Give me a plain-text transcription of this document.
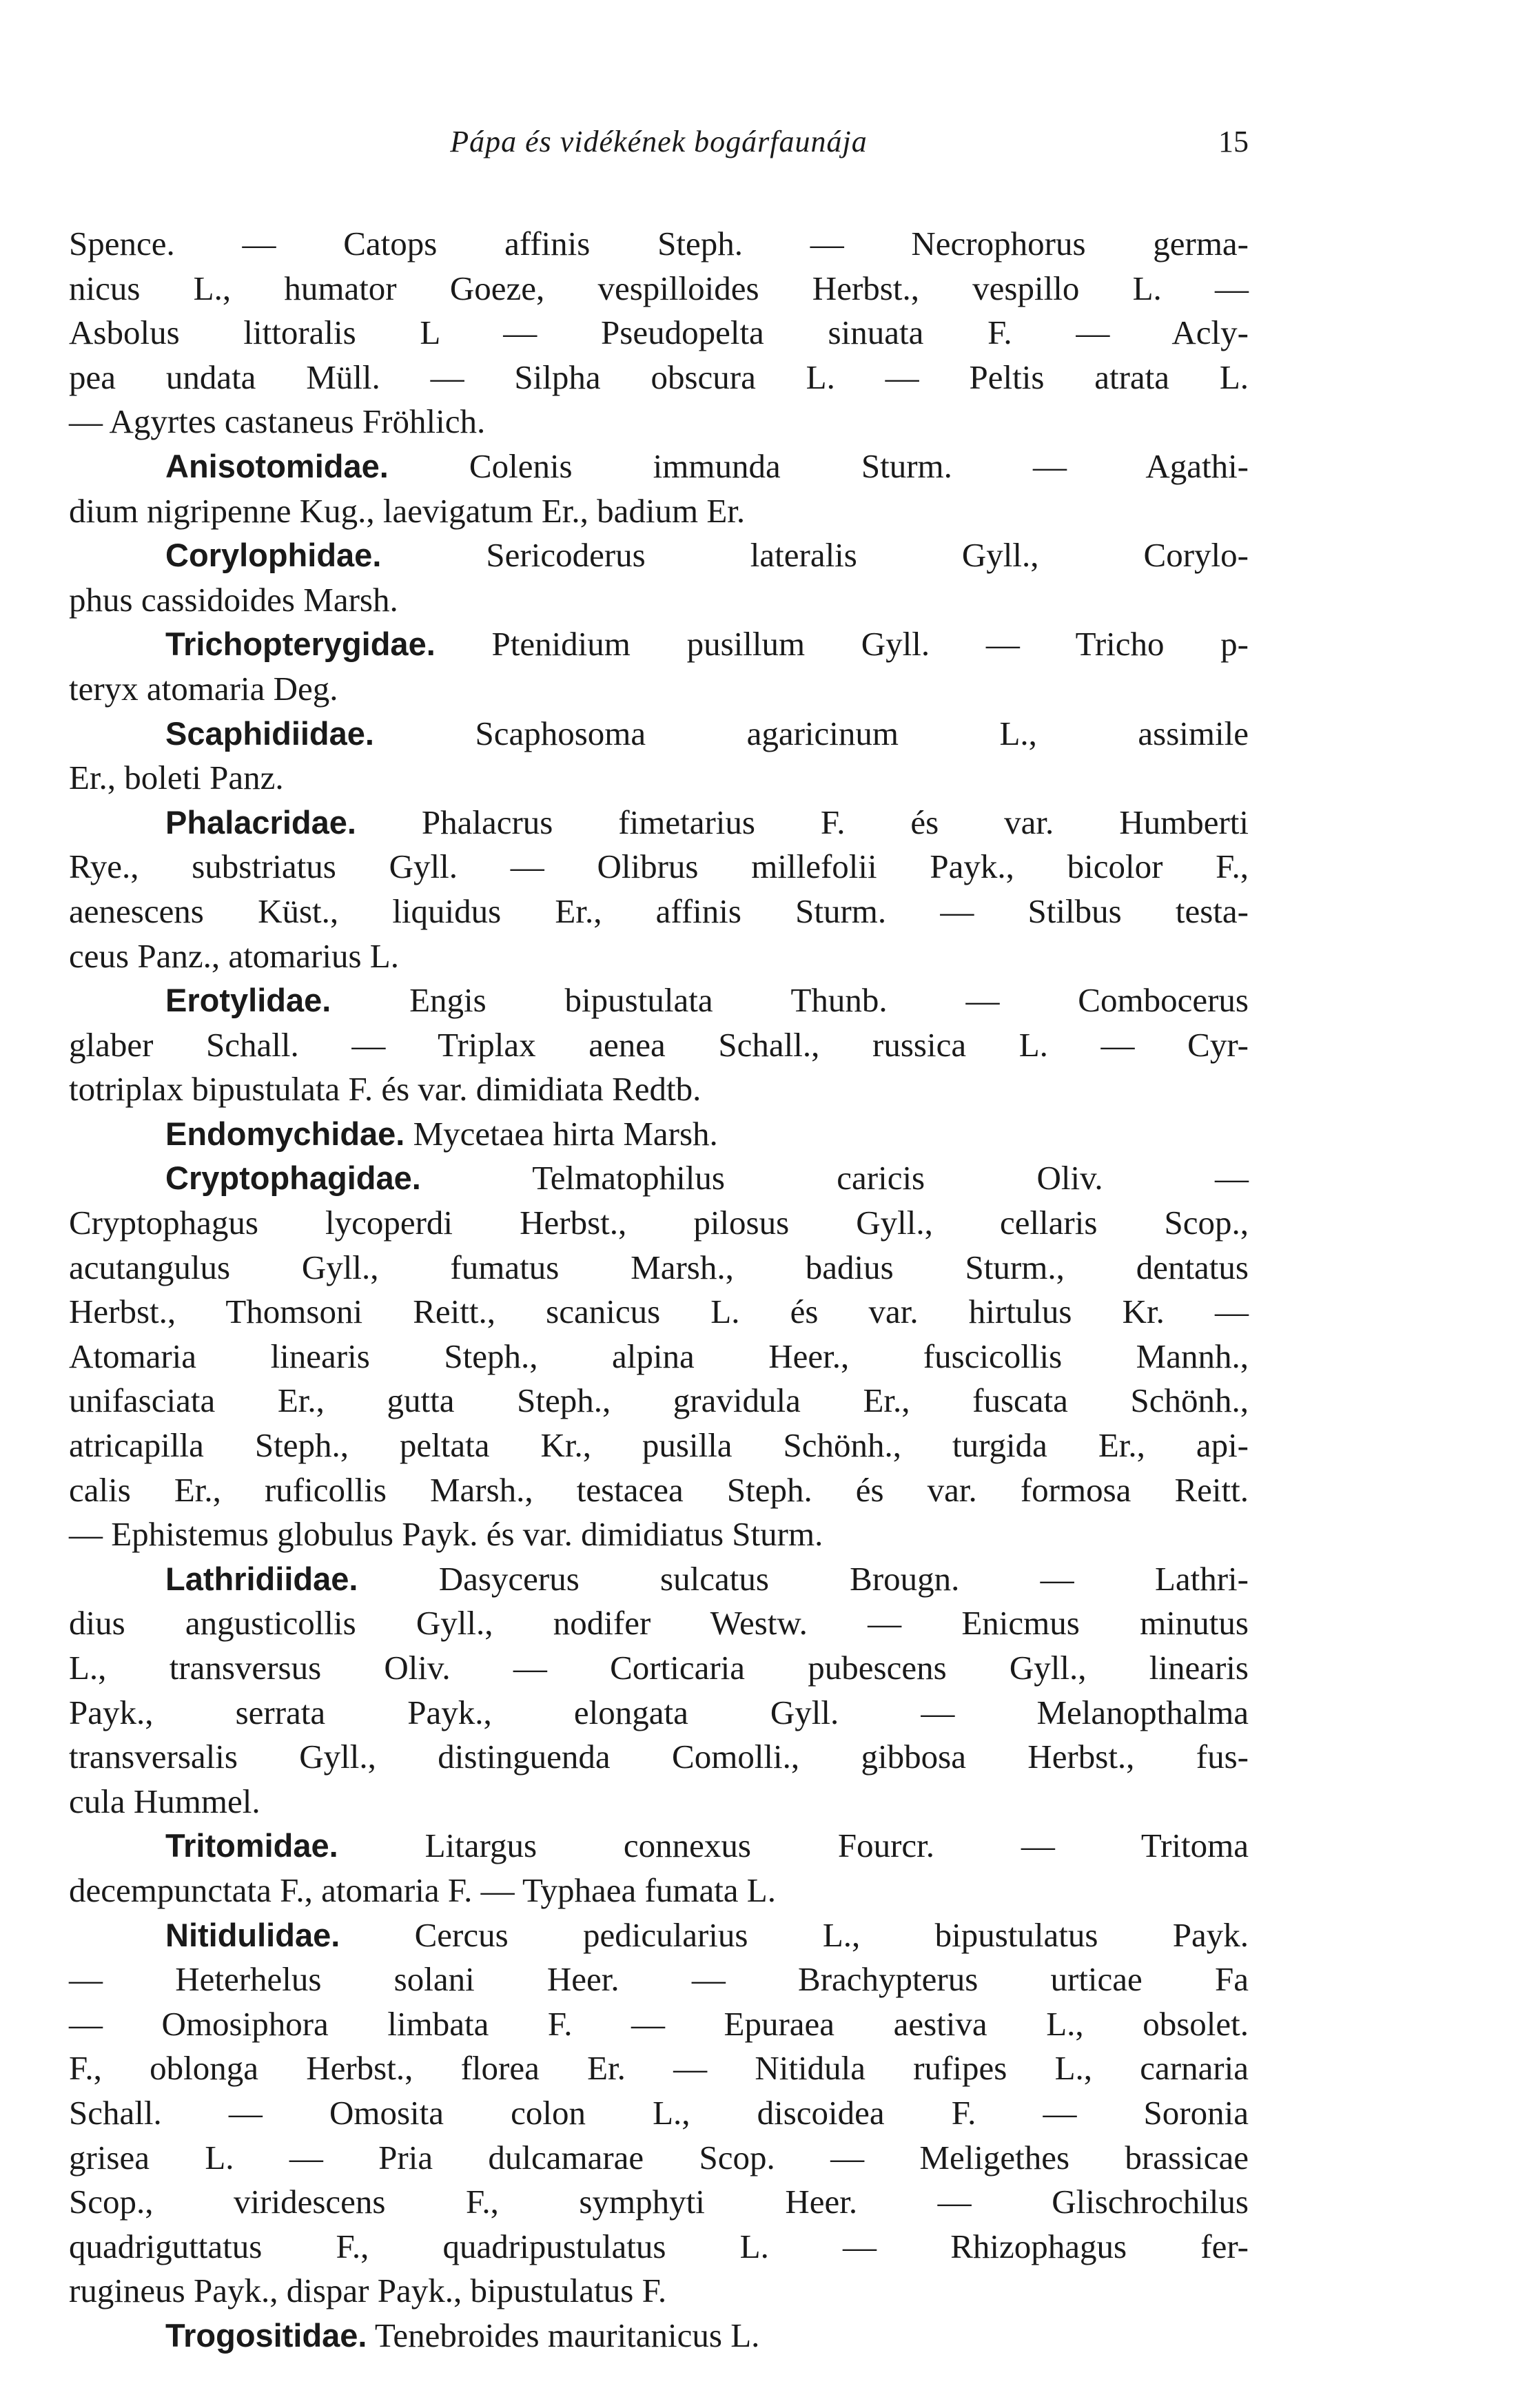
Pápa és vidékének bogárfaunája	15
Spence. — Catops affinis Steph. — Necrophorus germa-
nicus L., humator Goeze, vespilloides Herbst., vespillo L. —
Asbolus littoralis L — Pseudopelta sinuata F. — Acly-
pea undata Müll. — Silpha obscura L. — Peltis atrata L.
— Agyrtes castaneus Fröhlich.
Anisotomidae. Colenis immunda Sturm. — Agathi-
dium nigripenne Kug., laevigatum Er., badium Er.
Corylophidae. Sericoderus lateralis Gyll., Corylo-
phus cassidoides Marsh.
Trichopterygidae. Ptenidium pusillum Gyll. — Tricho p-
teryx atomaria Deg.
Scaphidiidae. Scaphosoma agaricinum L., assimile
Er., boleti Panz.
Phalacridae. Phalacrus fimetarius F. és var. Humberti
Rye., substriatus Gyll. — Olibrus millefolii Payk., bicolor F.,
aenescens Küst., liquidus Er., affinis Sturm. — Stilbus testa-
ceus Panz., atomarius L.
Erotylidae. Engis bipustulata Thunb. — Combocerus
glaber Schall. — Triplax aenea Schall., russica L. — Cyr-
totriplax bipustulata F. és var. dimidiata Redtb.
Endomychidae. Mycetaea hirta Marsh.
Cryptophagidae. Telmatophilus caricis Oliv. —
Cryptophagus lycoperdi Herbst., pilosus Gyll., cellaris Scop.,
acutangulus Gyll., fumatus Marsh., badius Sturm., dentatus
Herbst., Thomsoni Reitt., scanicus L. és var. hirtulus Kr. —
Atomaria linearis Steph., alpina Heer., fuscicollis Mannh.,
unifasciata Er., gutta Steph., gravidula Er., fuscata Schönh.,
atricapilla Steph., peltata Kr., pusilla Schönh., turgida Er., api-
calis Er., ruficollis Marsh., testacea Steph. és var. formosa Reitt.
— Ephistemus globulus Payk. és var. dimidiatus Sturm.
Lathridiidae. Dasycerus sulcatus Brougn. — Lathri-
dius angusticollis Gyll., nodifer Westw. — Enicmus minutus
L., transversus Oliv. — Corticaria pubescens Gyll., linearis
Payk., serrata Payk., elongata Gyll. — Melanopthalma
transversalis Gyll., distinguenda Comolli., gibbosa Herbst., fus-
cula Hummel.
Tritomidae. Litargus connexus Fourcr. — Tritoma
decempunctata F., atomaria F. — Typhaea fumata L.
Nitidulidae. Cercus pedicularius L., bipustulatus Payk.
— Heterhelus solani Heer. — Brachypterus urticae Fa
— Omosiphora limbata F. — Epuraea aestiva L., obsolet.
F., oblonga Herbst., florea Er. — Nitidula rufipes L., carnaria
Schall. — Omosita colon L., discoidea F. — Soronia
grisea L. — Pria dulcamarae Scop. — Meligethes brassicae
Scop., viridescens F., symphyti Heer. — Glischrochilus
quadriguttatus F., quadripustulatus L. — Rhizophagus fer-
rugineus Payk., dispar Payk., bipustulatus F.
Trogositidae. Tenebroides mauritanicus L.
